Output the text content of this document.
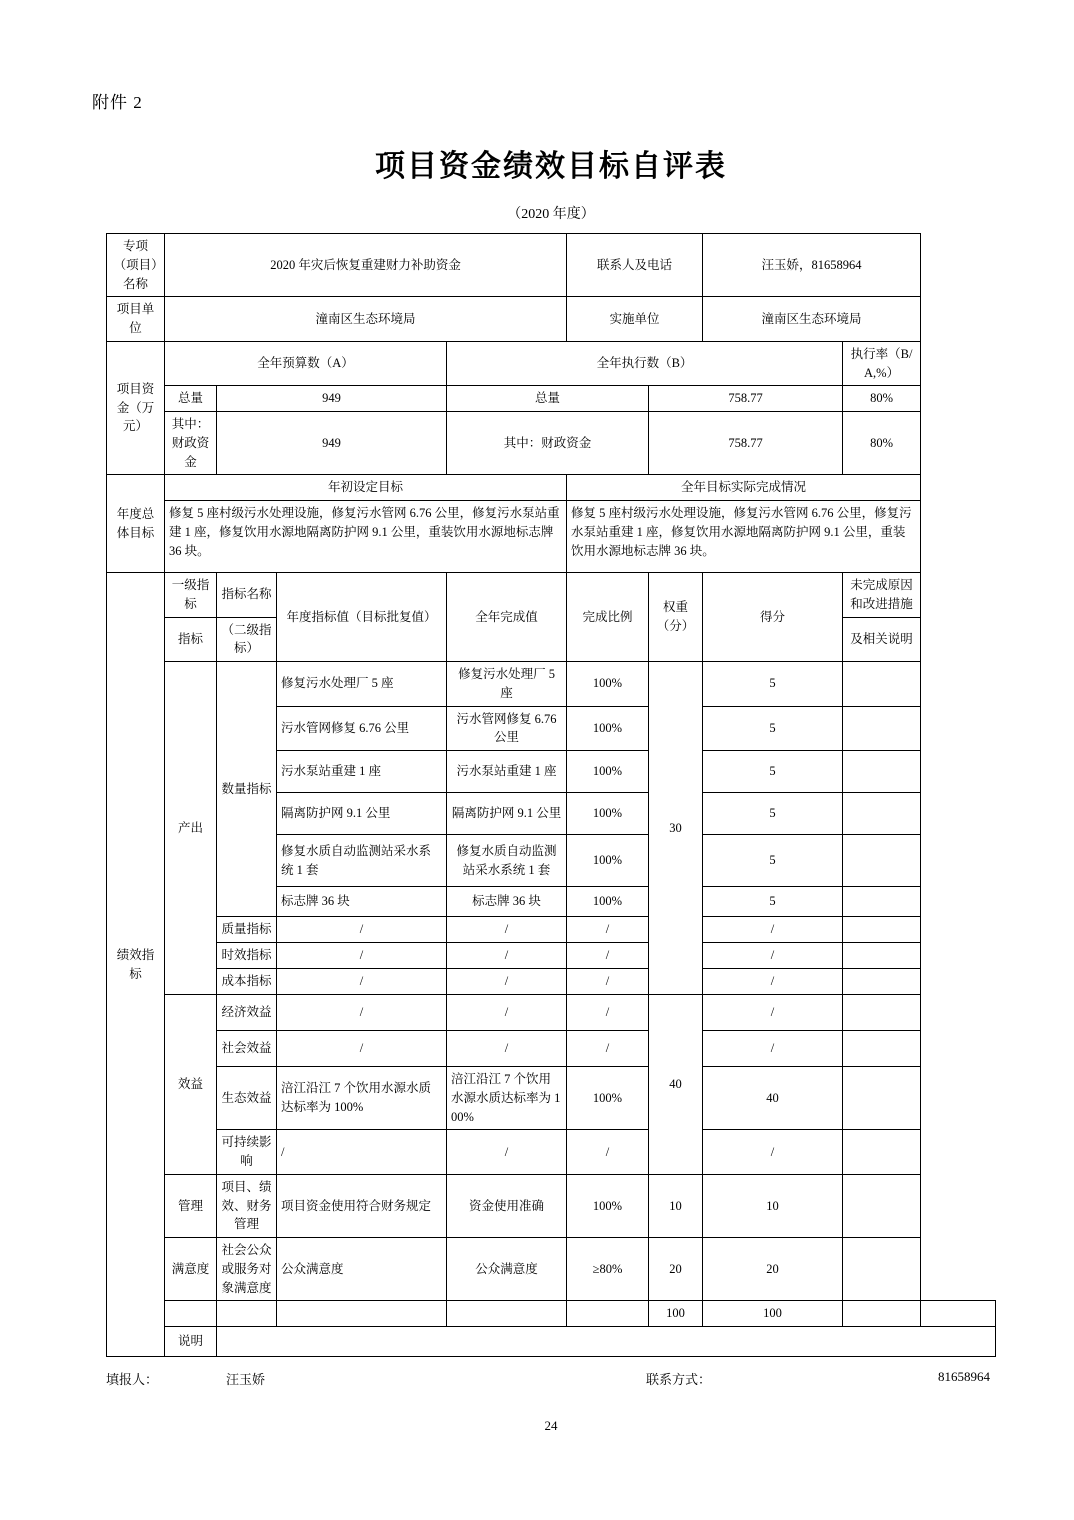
附件 2
项目资金绩效目标自评表
（2020 年度）
专项（项目）名称	2020 年灾后恢复重建财力补助资金				联系人及电话		汪玉娇，81658964		
项目单位	潼南区生态环境局				实施单位		潼南区生态环境局		
项目资金（万元）	全年预算数（A）			全年执行数（B）				执行率（B/A,%）	
	总量	949		总量		758.77		80%	
	其中：财政资金	949		其中：财政资金		758.77		80%	
年度总体目标	年初设定目标				全年目标实际完成情况				
	修复 5 座村级污水处理设施，修复污水管网 6.76 公里，修复污水泵站重建 1 座，修复饮用水源地隔离防护网 9.1 公里，重装饮用水源地标志牌 36 块。				修复 5 座村级污水处理设施，修复污水管网 6.76 公里，修复污水泵站重建 1 座，修复饮用水源地隔离防护网 9.1 公里，重装饮用水源地标志牌 36 块。				
绩效指标	一级指标	指标名称	年度指标值（目标批复值）	全年完成值	完成比例	权重（分）	得分	未完成原因和改进措施	
	指标	（二级指标）						及相关说明	
	产出	数量指标	修复污水处理厂 5 座	修复污水处理厂 5 座	100%	30	5		
			污水管网修复 6.76 公里	污水管网修复 6.76 公里	100%		5		
			污水泵站重建 1 座	污水泵站重建 1 座	100%		5		
			隔离防护网 9.1 公里	隔离防护网 9.1 公里	100%		5		
			修复水质自动监测站采水系统 1 套	修复水质自动监测站采水系统 1 套	100%		5		
			标志牌 36 块	标志牌 36 块	100%		5		
		质量指标	/	/	/		/		
		时效指标	/	/	/		/		
		成本指标	/	/	/		/		
	效益	经济效益	/	/	/	40	/		
		社会效益	/	/	/		/		
		生态效益	涪江沿江 7 个饮用水源水质达标率为 100%	涪江沿江 7 个饮用水源水质达标率为 100%	100%		40		
		可持续影响	/	/	/		/		
	管理	项目、绩效、财务管理	项目资金使用符合财务规定	资金使用准确	100%	10	10		
	满意度	社会公众或服务对象满意度	公众满意度	公众满意度	≥80%	20	20		
						100	100		
	说明								
填报人：	汪玉娇	联系方式：	81658964
24
